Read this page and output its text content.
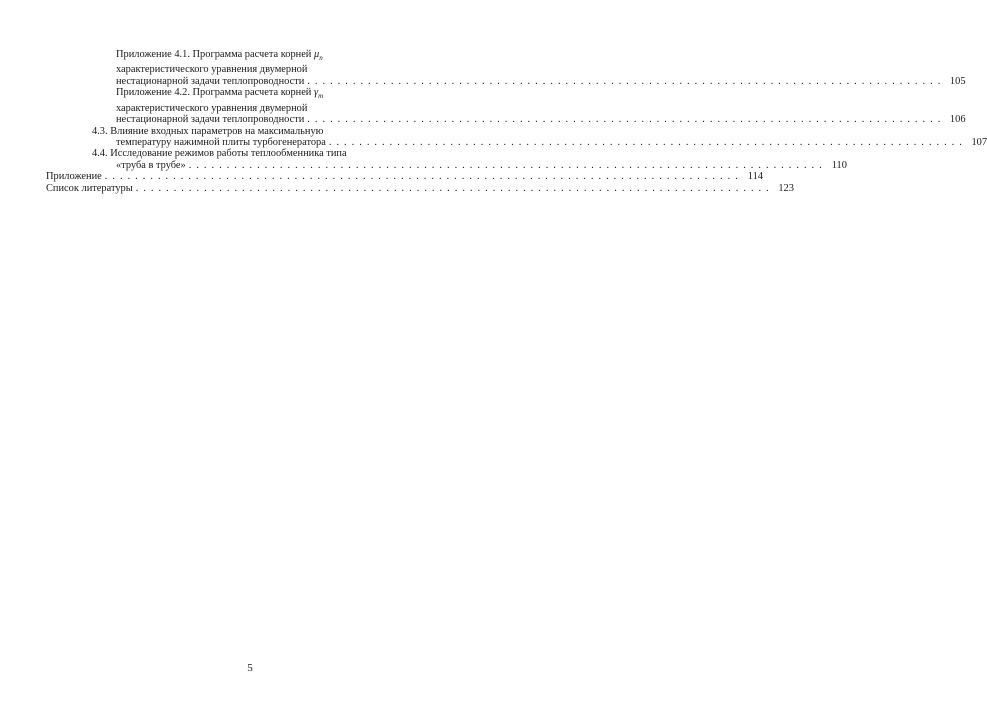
Приложение 4.1. Программа расчета корней $\mu_n$
характеристического уравнения двумерной
нестационарной задачи теплопроводности . . . . . . . . . . . . . . . . . . . . . . . . . . . . . . . . . . . . . . . . . . . . . . . . . . . . . . . . . . . . . . . . . . . . . . . . . . . . . . . . . . . . 105
Приложение 4.2. Программа расчета корней $\gamma_m$
характеристического уравнения двумерной
нестационарной задачи теплопроводности . . . . . . . . . . . . . . . . . . . . . . . . . . . . . . . . . . . . . . . . . . . . . . . . . . . . . . . . . . . . . . . . . . . . . . . . . . . . . . . . . . . . 106
4.3. Влияние входных параметров на максимальную
температуру нажимной плиты турбогенератора . . . . . . . . . . . . . . . . . . . . . . . . . . . . . . . . . . . . . . . . . . . . . . . . . . . . . . . . . . . . . . . . . . . . . . . . . . . . . . . . . . . . 107
4.4. Исследование режимов работы теплообменника типа
«труба в трубе» . . . . . . . . . . . . . . . . . . . . . . . . . . . . . . . . . . . . . . . . . . . . . . . . . . . . . . . . . . . . . . . . . . . . . . . . . . . . . . . . . . . . 110
Приложение . . . . . . . . . . . . . . . . . . . . . . . . . . . . . . . . . . . . . . . . . . . . . . . . . . . . . . . . . . . . . . . . . . . . . . . . . . . . . . . . . . . . 114
Список литературы . . . . . . . . . . . . . . . . . . . . . . . . . . . . . . . . . . . . . . . . . . . . . . . . . . . . . . . . . . . . . . . . . . . . . . . . . . . . . . . . . . . . 123
5
